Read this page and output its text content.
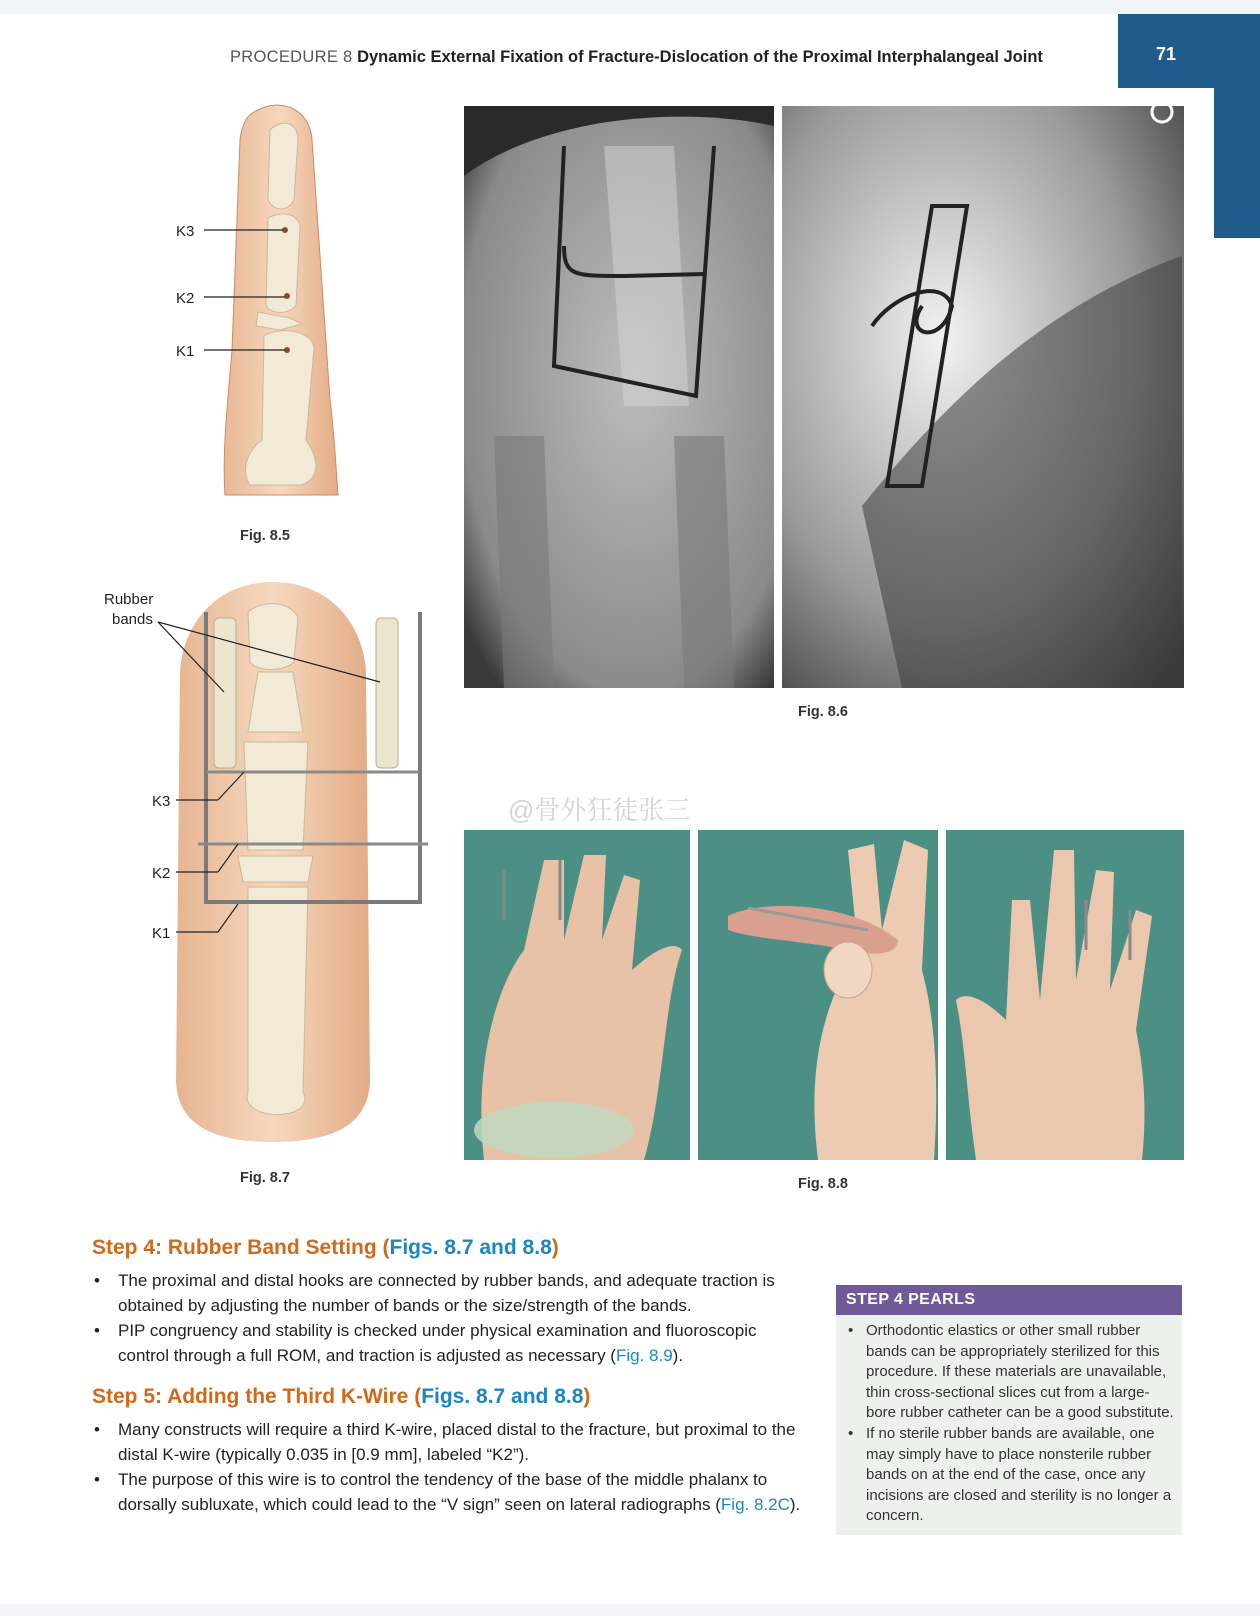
71
PROCEDURE 8 Dynamic External Fixation of Fracture-Dislocation of the Proximal Interphalangeal Joint
K3
K2
K1
Fig. 8.5
Fig. 8.6
Rubber
bands
K3
K2
K1
Fig. 8.7	Fig. 8.8
@骨外狂徒张三
Step 4: Rubber Band Setting (Figs. 8.7 and 8.8)
• The proximal and distal hooks are connected by rubber bands, and adequate traction is obtained by adjusting the number of bands or the size/strength of the bands.
• PIP congruency and stability is checked under physical examination and fluoroscopic control through a full ROM, and traction is adjusted as necessary (Fig. 8.9).
Step 5: Adding the Third K-Wire (Figs. 8.7 and 8.8)
• Many constructs will require a third K-wire, placed distal to the fracture, but proximal to the distal K-wire (typically 0.035 in [0.9 mm], labeled “K2”).
• The purpose of this wire is to control the tendency of the base of the middle phalanx to dorsally subluxate, which could lead to the “V sign” seen on lateral radiographs (Fig. 8.2C).
STEP 4 PEARLS
• Orthodontic elastics or other small rubber bands can be appropriately sterilized for this procedure. If these materials are unavailable, thin cross-sectional slices cut from a large-bore rubber catheter can be a good substitute.
• If no sterile rubber bands are available, one may simply have to place nonsterile rubber bands on at the end of the case, once any incisions are closed and sterility is no longer a concern.
